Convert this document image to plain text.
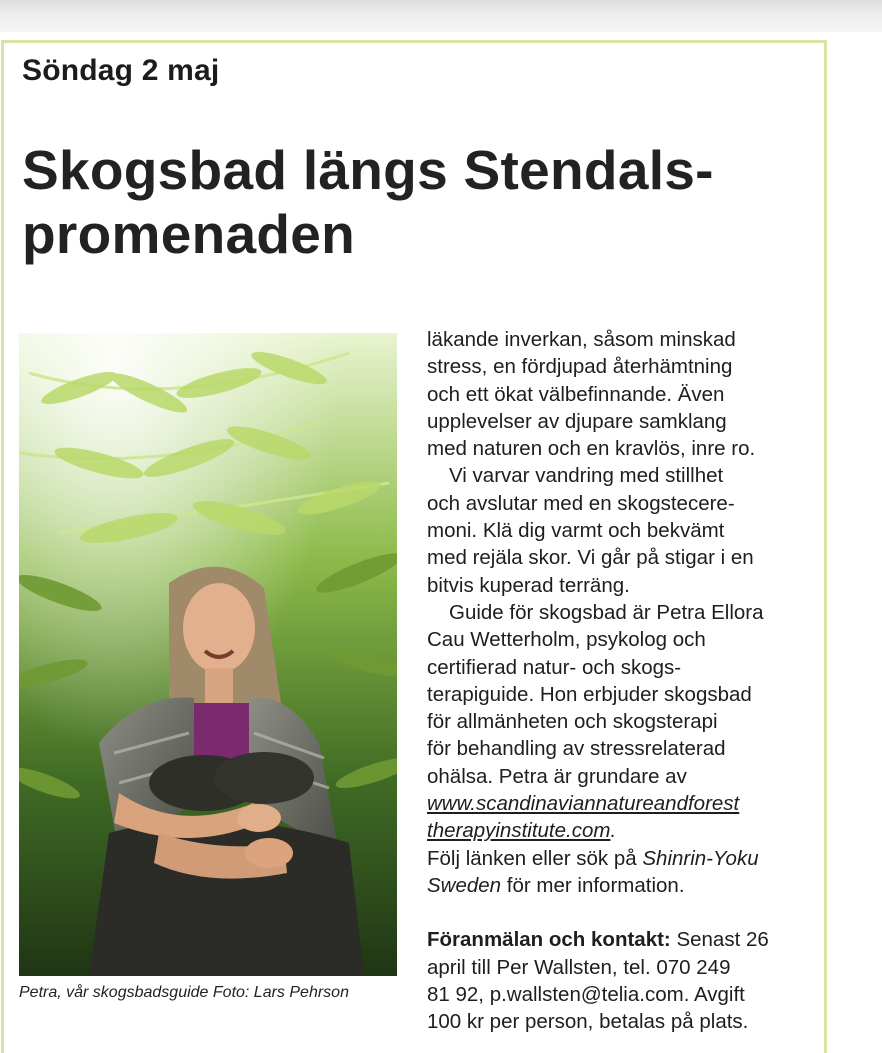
Söndag 2 maj
Skogsbad längs Stendals-
promenaden
Petra, vår skogsbadsguide Foto: Lars Pehrson

läkande inverkan, såsom minskad
stress, en fördjupad återhämtning
och ett ökat välbefinnande. Även
upplevelser av djupare samklang
med naturen och en kravlös, inre ro.

Vi varvar vandring med stillhet
och avslutar med en skogstecere-
moni. Klä dig varmt och bekvämt
med rejäla skor. Vi går på stigar i en
bitvis kuperad terräng.

Guide för skogsbad är Petra Ellora
Cau Wetterholm, psykolog och
certifierad natur- och skogs-
terapiguide. Hon erbjuder skogsbad
för allmänheten och skogsterapi
för behandling av stressrelaterad
ohälsa. Petra är grundare av
www.scandinaviannatureandforest
therapyinstitute.com.
Följ länken eller sök på Shinrin-Yoku
Sweden för mer information.

Föranmälan och kontakt: Senast 26
april till Per Wallsten, tel. 070 249
81 92, p.wallsten@telia.com. Avgift
100 kr per person, betalas på plats.
